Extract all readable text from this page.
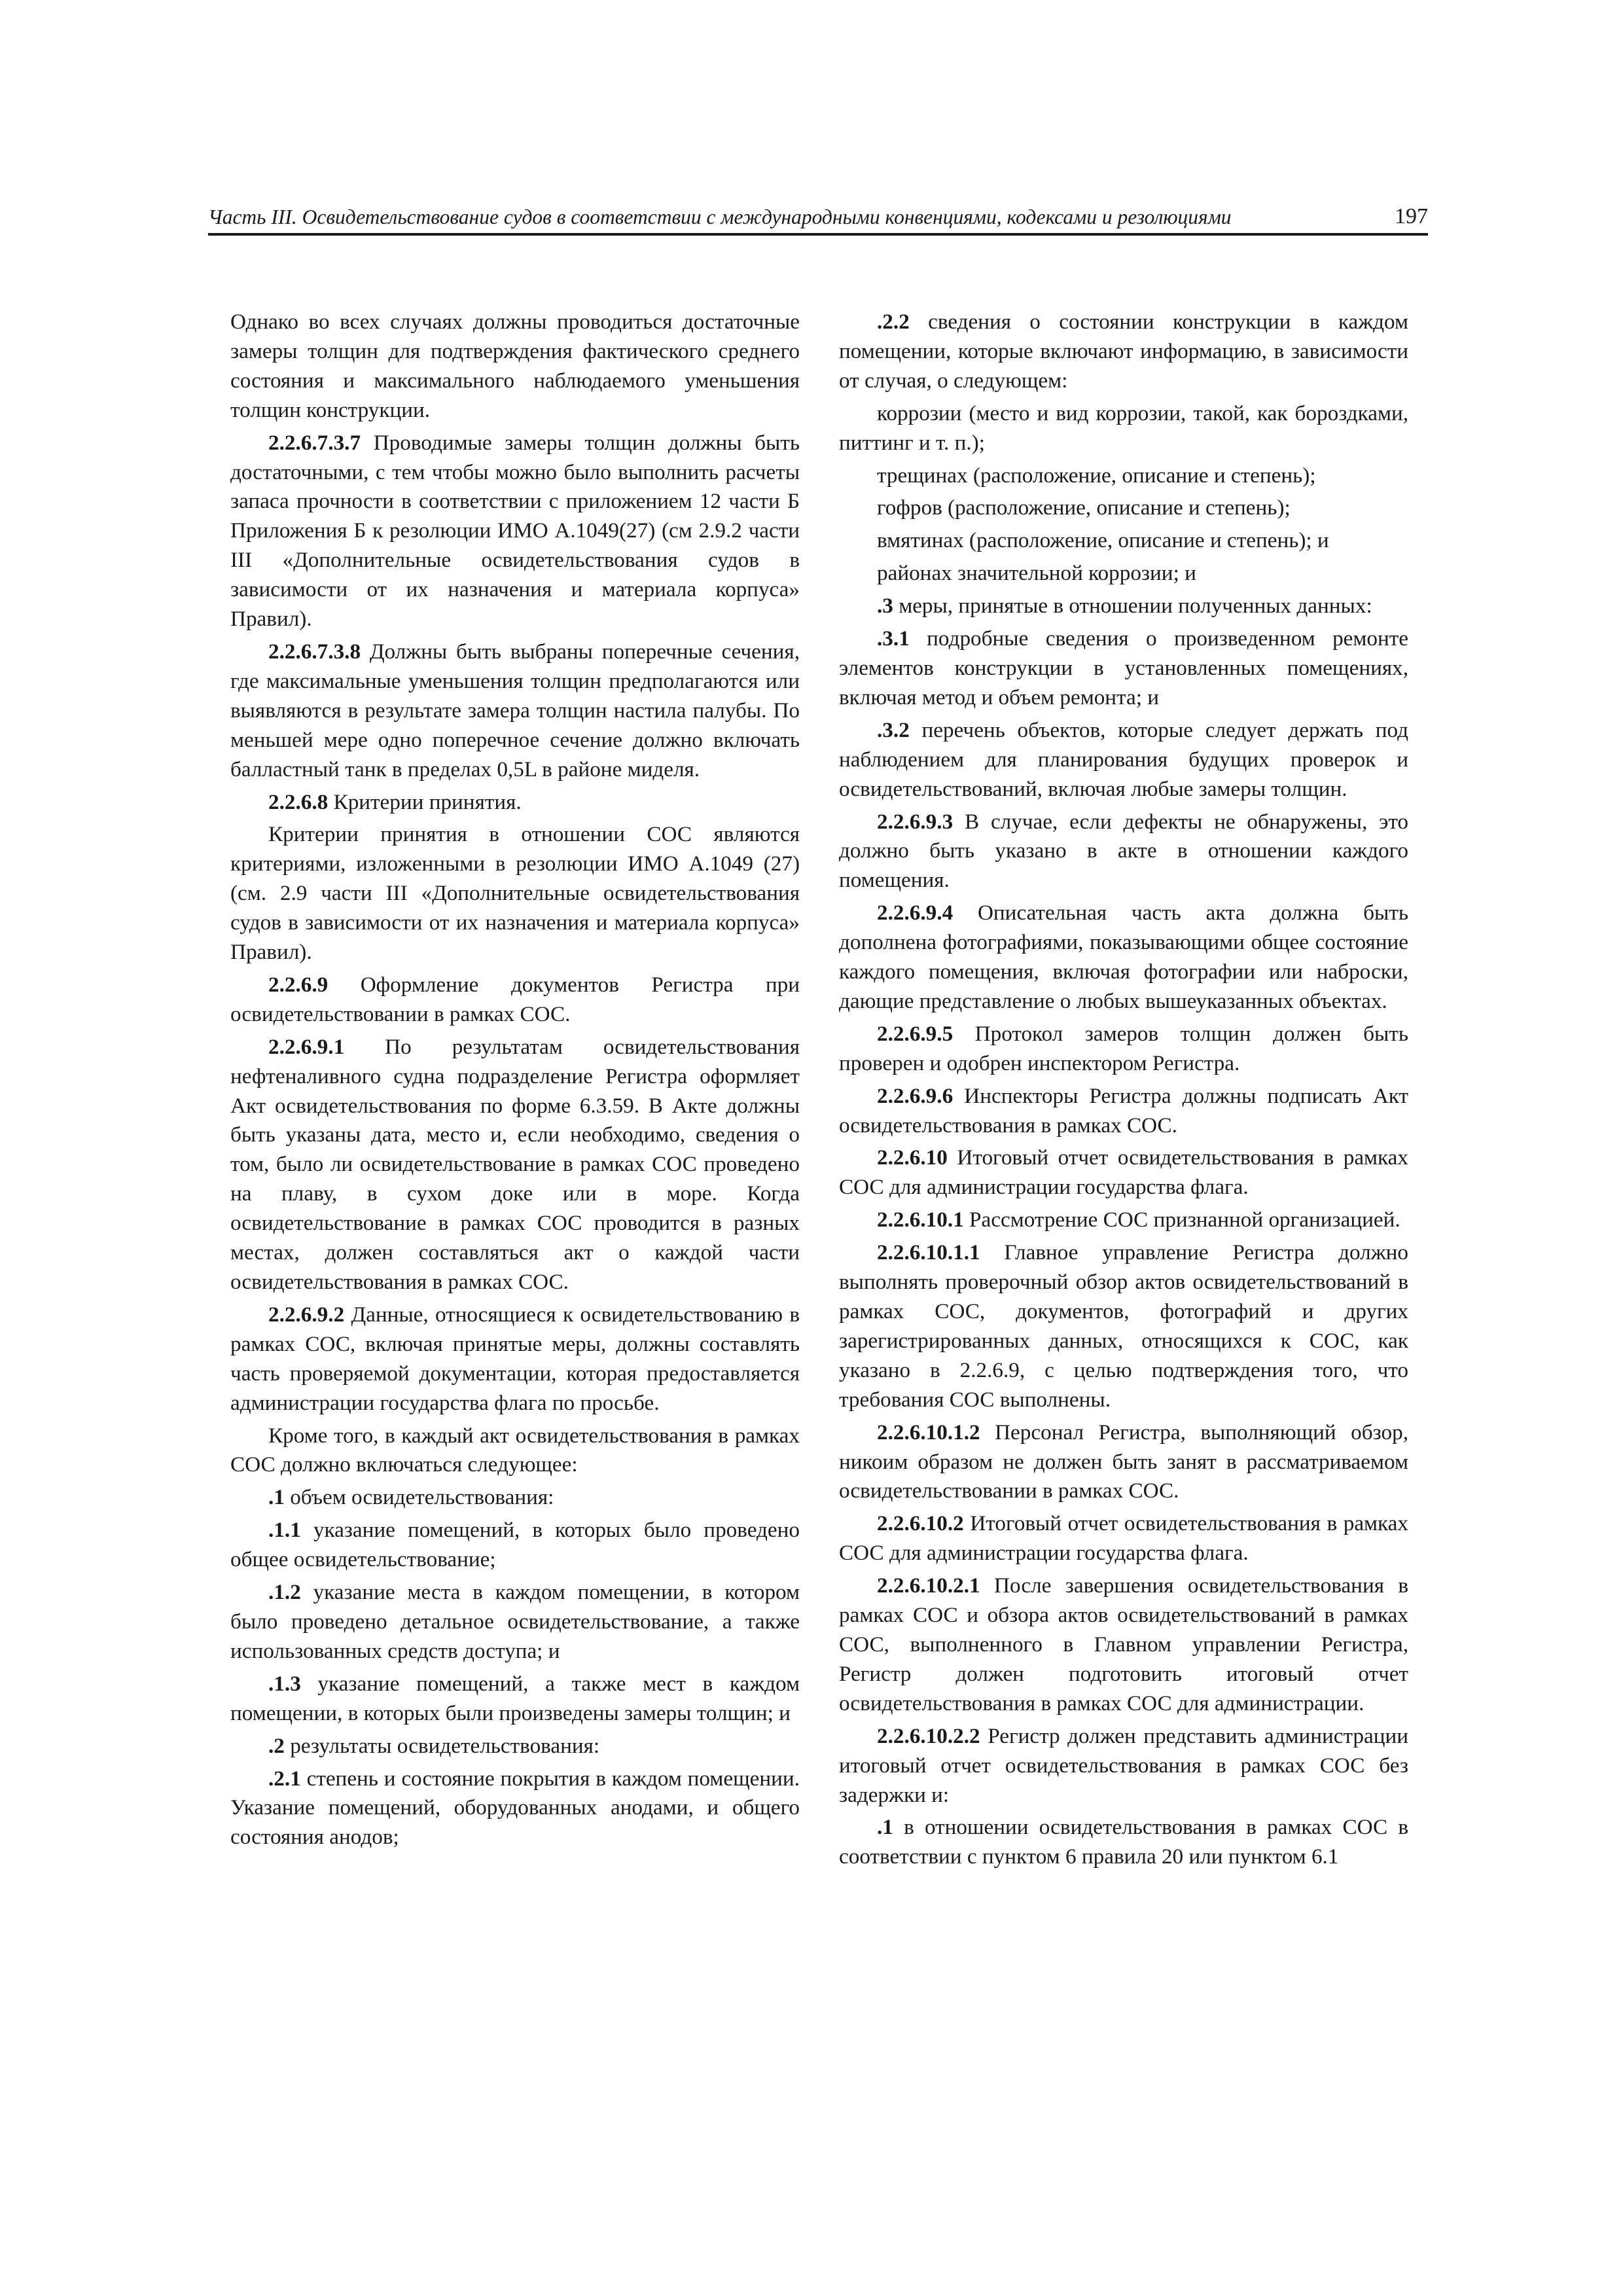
Часть III. Освидетельствование судов в соответствии с международными конвенциями, кодексами и резолюциями	197

Однако во всех случаях должны проводиться достаточные замеры толщин для подтверждения фактического среднего состояния и максимального наблюдаемого уменьшения толщин конструкции.

2.2.6.7.3.7 Проводимые замеры толщин должны быть достаточными, с тем чтобы можно было выполнить расчеты запаса прочности в соответствии с приложением 12 части Б Приложения Б к резолюции ИМО А.1049(27) (см 2.9.2 части III «Дополнительные освидетельствования судов в зависимости от их назначения и материала корпуса» Правил).

2.2.6.7.3.8 Должны быть выбраны поперечные сечения, где максимальные уменьшения толщин предполагаются или выявляются в результате замера толщин настила палубы. По меньшей мере одно поперечное сечение должно включать балластный танк в пределах 0,5L в районе миделя.

2.2.6.8 Критерии принятия.

Критерии принятия в отношении СОС являются критериями, изложенными в резолюции ИМО А.1049 (27) (см. 2.9 части III «Дополнительные освидетельствования судов в зависимости от их назначения и материала корпуса» Правил).

2.2.6.9 Оформление документов Регистра при освидетельствовании в рамках СОС.

2.2.6.9.1 По результатам освидетельствования нефтеналивного судна подразделение Регистра оформляет Акт освидетельствования по форме 6.3.59. В Акте должны быть указаны дата, место и, если необходимо, сведения о том, было ли освидетельствование в рамках СОС проведено на плаву, в сухом доке или в море. Когда освидетельствование в рамках СОС проводится в разных местах, должен составляться акт о каждой части освидетельствования в рамках СОС.

2.2.6.9.2 Данные, относящиеся к освидетельствованию в рамках СОС, включая принятые меры, должны составлять часть проверяемой документации, которая предоставляется администрации государства флага по просьбе.

Кроме того, в каждый акт освидетельствования в рамках СОС должно включаться следующее:

.1 объем освидетельствования:

.1.1 указание помещений, в которых было проведено общее освидетельствование;

.1.2 указание места в каждом помещении, в котором было проведено детальное освидетельствование, а также использованных средств доступа; и

.1.3 указание помещений, а также мест в каждом помещении, в которых были произведены замеры толщин; и

.2 результаты освидетельствования:

.2.1 степень и состояние покрытия в каждом помещении. Указание помещений, оборудованных анодами, и общего состояния анодов;

.2.2 сведения о состоянии конструкции в каждом помещении, которые включают информацию, в зависимости от случая, о следующем:

коррозии (место и вид коррозии, такой, как бороздками, питтинг и т. п.);

трещинах (расположение, описание и степень);

гофров (расположение, описание и степень);

вмятинах (расположение, описание и степень); и

районах значительной коррозии; и

.3 меры, принятые в отношении полученных данных:

.3.1 подробные сведения о произведенном ремонте элементов конструкции в установленных помещениях, включая метод и объем ремонта; и

.3.2 перечень объектов, которые следует держать под наблюдением для планирования будущих проверок и освидетельствований, включая любые замеры толщин.

2.2.6.9.3 В случае, если дефекты не обнаружены, это должно быть указано в акте в отношении каждого помещения.

2.2.6.9.4 Описательная часть акта должна быть дополнена фотографиями, показывающими общее состояние каждого помещения, включая фотографии или наброски, дающие представление о любых вышеуказанных объектах.

2.2.6.9.5 Протокол замеров толщин должен быть проверен и одобрен инспектором Регистра.

2.2.6.9.6 Инспекторы Регистра должны подписать Акт освидетельствования в рамках СОС.

2.2.6.10 Итоговый отчет освидетельствования в рамках СОС для администрации государства флага.

2.2.6.10.1 Рассмотрение СОС признанной организацией.

2.2.6.10.1.1 Главное управление Регистра должно выполнять проверочный обзор актов освидетельствований в рамках СОС, документов, фотографий и других зарегистрированных данных, относящихся к СОС, как указано в 2.2.6.9, с целью подтверждения того, что требования СОС выполнены.

2.2.6.10.1.2 Персонал Регистра, выполняющий обзор, никоим образом не должен быть занят в рассматриваемом освидетельствовании в рамках СОС.

2.2.6.10.2 Итоговый отчет освидетельствования в рамках СОС для администрации государства флага.

2.2.6.10.2.1 После завершения освидетельствования в рамках СОС и обзора актов освидетельствований в рамках СОС, выполненного в Главном управлении Регистра, Регистр должен подготовить итоговый отчет освидетельствования в рамках СОС для администрации.

2.2.6.10.2.2 Регистр должен представить администрации итоговый отчет освидетельствования в рамках СОС без задержки и:

.1 в отношении освидетельствования в рамках СОС в соответствии с пунктом 6 правила 20 или пунктом 6.1
